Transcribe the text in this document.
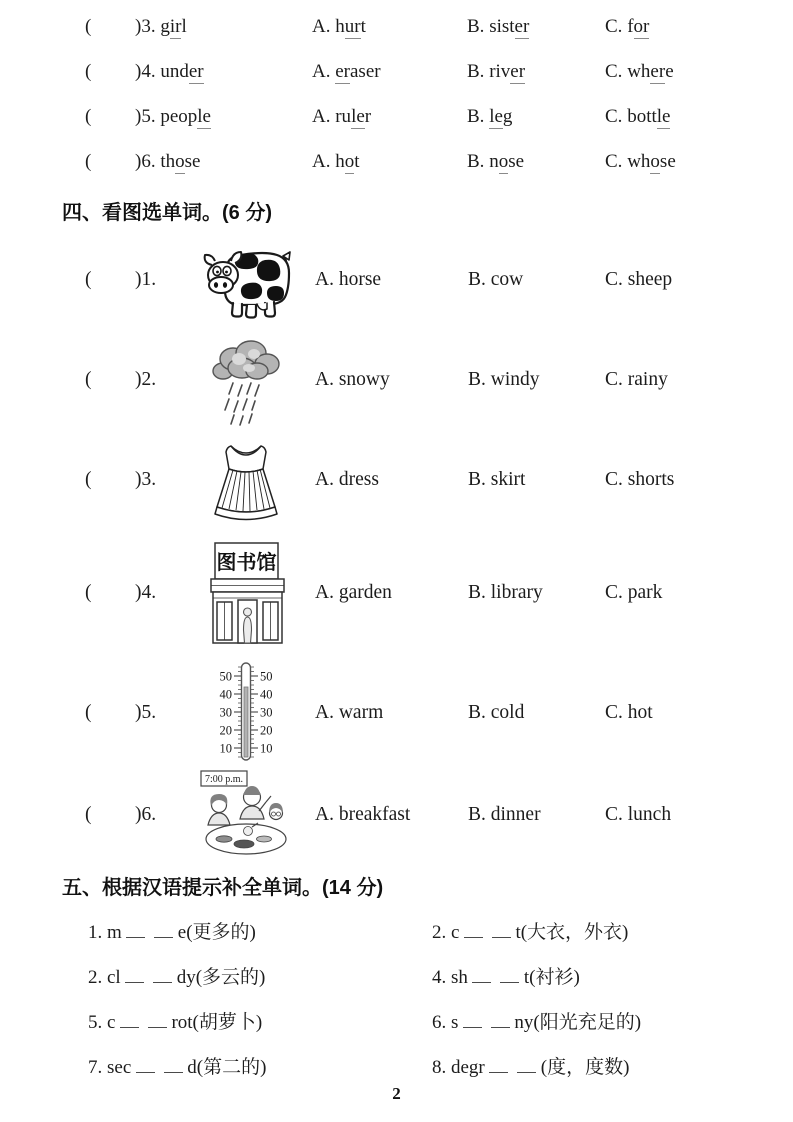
(	)3. girl	A. hurt	B. sister	C. for
(	)4. under	A. eraser	B. river	C. where
(	)5. people	A. ruler	B. leg	C. bottle
(	)6. those	A. hot	B. nose	C. whose
四、看图选单词。(6 分)
(	)1.	A. horse	B. cow	C. sheep
(	)2.	A. snowy	B. windy	C. rainy
(	)3.	A. dress	B. skirt	C. shorts
(	)4.
图书馆
A. garden	B. library	C. park
(	)5.
50 50
40 40
30 30
20 20
10 10
A. warm	B. cold	C. hot
(	)6.
7:00 p.m.
A. breakfast	B. dinner	C. lunch
五、根据汉语提示补全单词。(14 分)
1. m	e(更多的)	2. c	t(大衣，外衣)
2. cl	dy(多云的)	4. sh	t(衬衫)
5. c	rot(胡萝卜)	6. s	ny(阳光充足的)
7. sec	d(第二的)	8. degr	(度，度数)
2
